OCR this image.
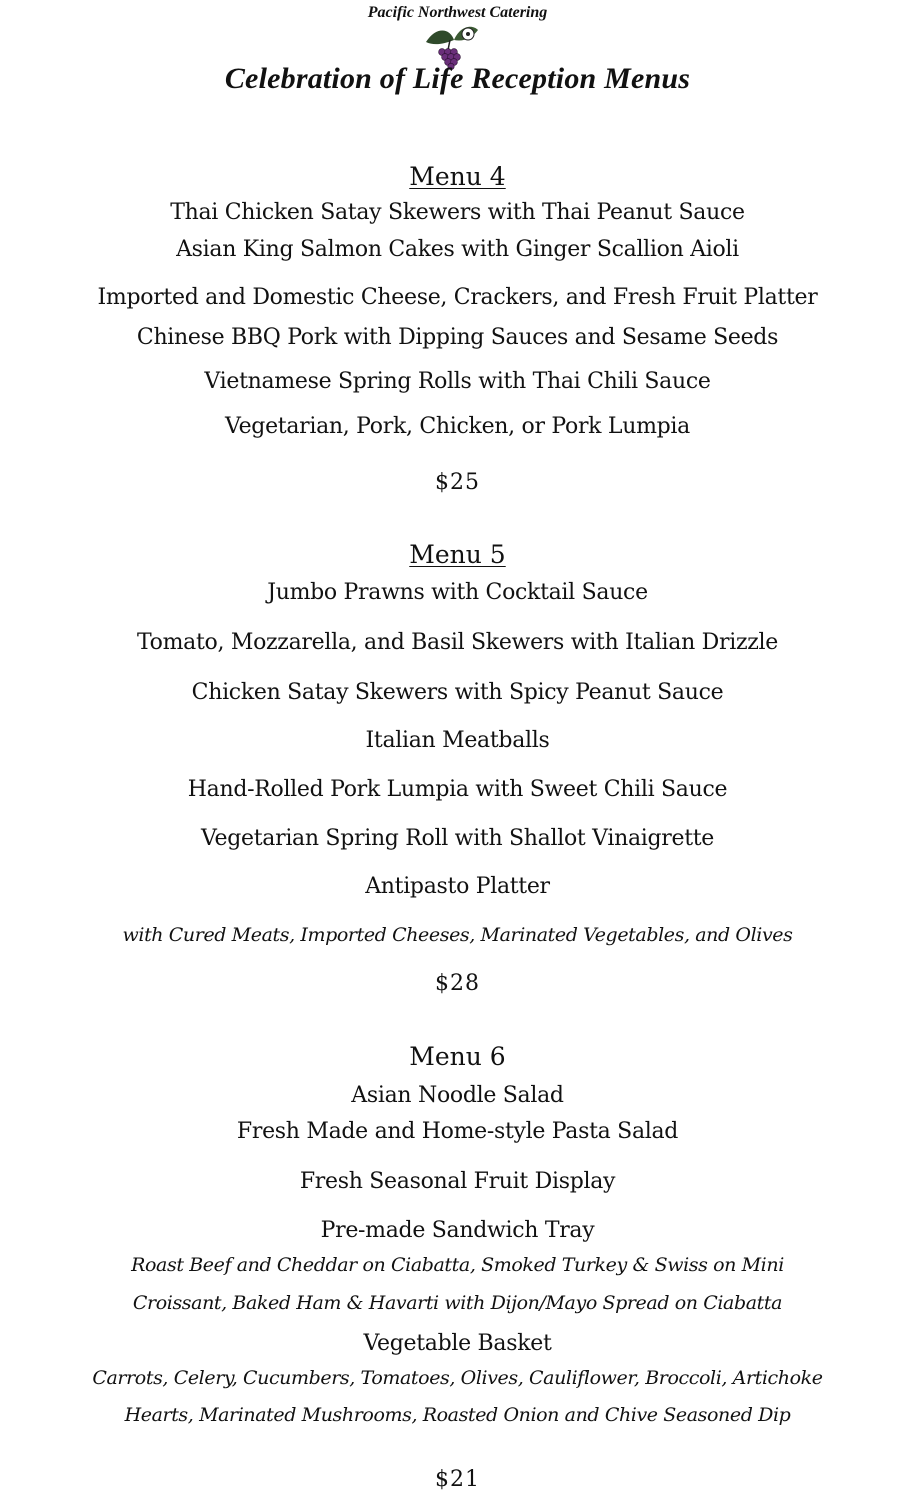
Pacific Northwest Catering
Celebration of Life Reception Menus
Menu 4
Thai Chicken Satay Skewers with Thai Peanut Sauce
Asian King Salmon Cakes with Ginger Scallion Aioli
Imported and Domestic Cheese, Crackers, and Fresh Fruit Platter
Chinese BBQ Pork with Dipping Sauces and Sesame Seeds
Vietnamese Spring Rolls with Thai Chili Sauce
Vegetarian, Pork, Chicken, or Pork Lumpia
$25
Menu 5
Jumbo Prawns with Cocktail Sauce
Tomato, Mozzarella, and Basil Skewers with Italian Drizzle
Chicken Satay Skewers with Spicy Peanut Sauce
Italian Meatballs
Hand-Rolled Pork Lumpia with Sweet Chili Sauce
Vegetarian Spring Roll with Shallot Vinaigrette
Antipasto Platter
with Cured Meats, Imported Cheeses, Marinated Vegetables, and Olives
$28
Menu 6
Asian Noodle Salad
Fresh Made and Home-style Pasta Salad
Fresh Seasonal Fruit Display
Pre-made Sandwich Tray
Roast Beef and Cheddar on Ciabatta, Smoked Turkey & Swiss on Mini
Croissant, Baked Ham & Havarti with Dijon/Mayo Spread on Ciabatta
Vegetable Basket
Carrots, Celery, Cucumbers, Tomatoes, Olives, Cauliflower, Broccoli, Artichoke
Hearts, Marinated Mushrooms, Roasted Onion and Chive Seasoned Dip
$21
